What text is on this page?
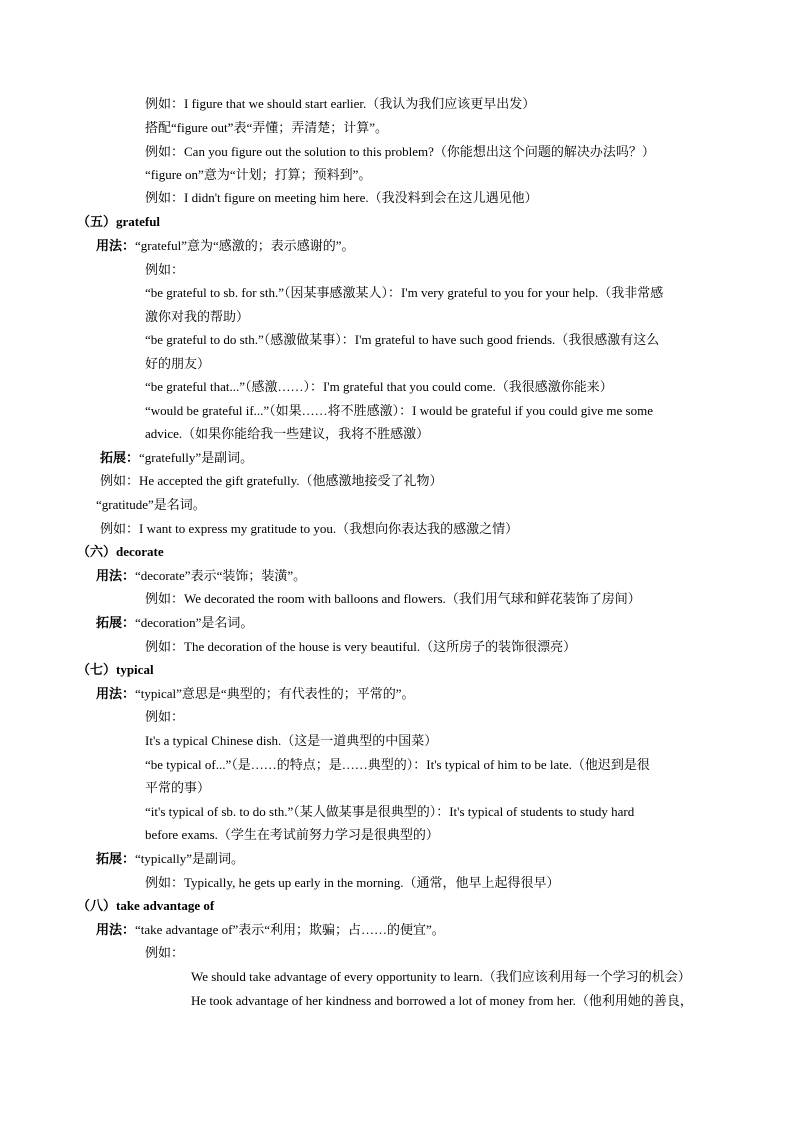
例如：I figure that we should start earlier.（我认为我们应该更早出发）
搭配“figure out”表“弄懂；弄清楚；计算”。
例如：Can you figure out the solution to this problem?（你能想出这个问题的解决办法吗？）
“figure on”意为“计划；打算；预料到”。
例如：I didn't figure on meeting him here.（我没料到会在这儿遇见他）
（五）grateful
用法：“grateful”意为“感激的；表示感谢的”。
例如：
“be grateful to sb. for sth.”（因某事感激某人）：I'm very grateful to you for your help.（我非常感
激你对我的帮助）
“be grateful to do sth.”（感激做某事）：I'm grateful to have such good friends.（我很感激有这么
好的朋友）
“be grateful that...”（感激……）：I'm grateful that you could come.（我很感激你能来）
“would be grateful if...”（如果……将不胜感激）：I would be grateful if you could give me some
advice.（如果你能给我一些建议，我将不胜感激）
拓展：“gratefully”是副词。
例如：He accepted the gift gratefully.（他感激地接受了礼物）
“gratitude”是名词。
例如：I want to express my gratitude to you.（我想向你表达我的感激之情）
（六）decorate
用法：“decorate”表示“装饰；装潢”。
例如：We decorated the room with balloons and flowers.（我们用气球和鲜花装饰了房间）
拓展：“decoration”是名词。
例如：The decoration of the house is very beautiful.（这所房子的装饰很漂亮）
（七）typical
用法：“typical”意思是“典型的；有代表性的；平常的”。
例如：
It's a typical Chinese dish.（这是一道典型的中国菜）
“be typical of...”（是……的特点；是……典型的）：It's typical of him to be late.（他迟到是很
平常的事）
“it's typical of sb. to do sth.”（某人做某事是很典型的）：It's typical of students to study hard
before exams.（学生在考试前努力学习是很典型的）
拓展：“typically”是副词。
例如：Typically, he gets up early in the morning.（通常，他早上起得很早）
（八）take advantage of
用法：“take advantage of”表示“利用；欺骗；占……的便宜”。
例如：
We should take advantage of every opportunity to learn.（我们应该利用每一个学习的机会）
He took advantage of her kindness and borrowed a lot of money from her.（他利用她的善良，
